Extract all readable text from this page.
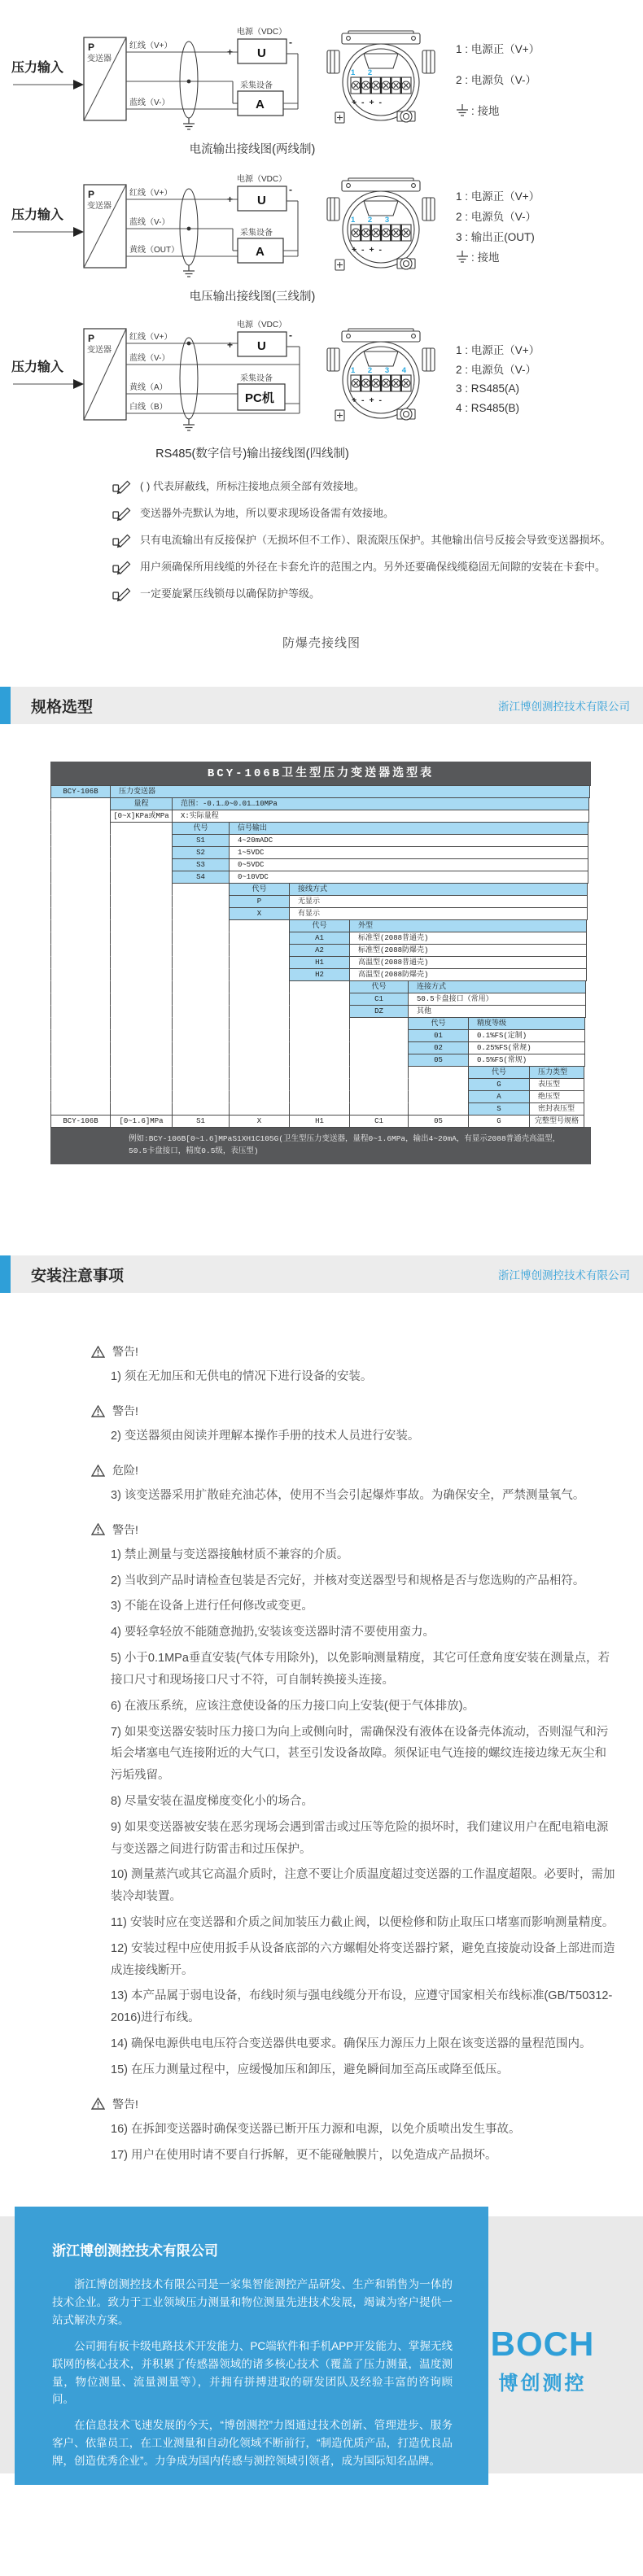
压力输入
P
变送器
红线（V+）
蓝线（V-）
电源（VDC）
+
-
U
采集设备
A
1 2
+ - + -
1 : 电源正（V+）
2 : 电源负（V-）
: 接地
电流输出接线图(两线制)
压力输入
P
变送器
红线（V+）
蓝线（V-）
黄线（OUT）
电源（VDC）
+
-
U
采集设备
A
1 2 3
+ - + -
1 : 电源正（V+）
2 : 电源负（V-）
3 : 输出正(OUT)
: 接地
电压输出接线图(三线制)
压力输入
P
变送器
红线（V+）
蓝线（V-）
黄线（A）
白线（B）
电源（VDC）
+
-
U
采集设备
PC机
1 2 3 4
+ - + -
1 : 电源正（V+）
2 : 电源负（V-）
3 : RS485(A)
4 : RS485(B)
RS485(数字信号)输出接线图(四线制)
( ) 代表屏蔽线，所标注接地点须全部有效接地。
变送器外壳默认为地，所以要求现场设备需有效接地。
只有电流输出有反接保护（无损坏但不工作）、限流限压保护。其他输出信号反接会导致变送器损坏。
用户须确保所用线缆的外径在卡套允许的范围之内。另外还要确保线缆稳固无间隙的安装在卡套中。
一定要旋紧压线锁母以确保防护等级。
防爆壳接线图
规格选型	浙江博创测控技术有限公司
BCY-106B卫生型压力变送器选型表
BCY-106B	压力变送器
量程	范围：-0.1…0~0.01…10MPa
[0~X]KPa或MPa	X:实际量程
代号	信号输出
S1	4~20mADC
S2	1~5VDC
S3	0~5VDC
S4	0~10VDC
代号	接线方式
P	无显示
X	有显示
代号	外型
A1	标准型(2088普通壳)
A2	标准型(2088防爆壳)
H1	高温型(2088普通壳)
H2	高温型(2088防爆壳)
代号	连接方式
C1	50.5卡盘接口（常用）
DZ	其他
代号	精度等级
01	0.1%FS(定制)
02	0.25%FS(常规)
05	0.5%FS(常规)
代号	压力类型
G	表压型
A	绝压型
S	密封表压型
BCY-106B	[0~1.6]MPa	S1	X	H1	C1	05	G	完整型号规格
例如:BCY-106B[0~1.6]MPaS1XH1C105G(卫生型压力变送器，量程0~1.6MPa，输出4~20mA，有显示2088普通壳高温型，50.5卡盘接口，精度0.5级，表压型)
安装注意事项	浙江博创测控技术有限公司
警告!
1) 须在无加压和无供电的情况下进行设备的安装。
警告!
2) 变送器须由阅读并理解本操作手册的技术人员进行安装。
危险!
3) 该变送器采用扩散硅充油芯体，使用不当会引起爆炸事故。为确保安全，严禁测量氧气。
警告!
1) 禁止测量与变送器接触材质不兼容的介质。
2) 当收到产品时请检查包装是否完好，并核对变送器型号和规格是否与您选购的产品相符。
3) 不能在设备上进行任何修改或变更。
4) 要轻拿轻放不能随意抛扔,安装该变送器时清不要使用蛮力。
5) 小于0.1MPa垂直安装(气体专用除外)，以免影响测量精度，其它可任意角度安装在测量点，若接口尺寸和现场接口尺寸不符，可自制转换接头连接。
6) 在液压系统，应该注意使设备的压力接口向上安装(便于气体排放)。
7) 如果变送器安装时压力接口为向上或侧向时，需确保没有液体在设备壳体流动，否则湿气和污垢会堵塞电气连接附近的大气口，甚至引发设备故障。须保证电气连接的螺纹连接边缘无灰尘和污垢残留。
8) 尽量安装在温度梯度变化小的场合。
9) 如果变送器被安装在恶劣现场会遇到雷击或过压等危险的损坏时，我们建议用户在配电箱电源与变送器之间进行防雷击和过压保护。
10) 测量蒸汽或其它高温介质时，注意不要让介质温度超过变送器的工作温度超限。必要时，需加装冷却装置。
11) 安装时应在变送器和介质之间加装压力截止阀，以便检修和防止取压口堵塞而影响测量精度。
12) 安装过程中应使用扳手从设备底部的六方螺帽处将变送器拧紧，避免直接旋动设备上部进而造成连接线断开。
13) 本产品属于弱电设备，布线时须与强电线缆分开布设，应遵守国家相关布线标准(GB/T50312-2016)进行布线。
14) 确保电源供电电压符合变送器供电要求。确保压力源压力上限在该变送器的量程范围内。
15) 在压力测量过程中，应缓慢加压和卸压，避免瞬间加至高压或降至低压。
警告!
16) 在拆卸变送器时确保变送器已断开压力源和电源，以免介质喷出发生事故。
17) 用户在使用时请不要自行拆解，更不能碰触膜片，以免造成产品损坏。
浙江博创测控技术有限公司

浙江博创测控技术有限公司是一家集智能测控产品研发、生产和销售为一体的技术企业。致力于工业领域压力测量和物位测量先进技术发展，竭诚为客户提供一站式解决方案。

公司拥有板卡级电路技术开发能力、PC端软件和手机APP开发能力、掌握无线联网的核心技术，并积累了传感器领域的诸多核心技术（覆盖了压力测量，温度测量，物位测量、流量测量等），并拥有拼搏进取的研发团队及经验丰富的咨询顾问。

在信息技术飞速发展的今天，“博创测控”力图通过技术创新、管理进步、服务客户、依靠员工，在工业测量和自动化领域不断前行，“制造优质产品，打造优良品牌，创造优秀企业”。力争成为国内传感与测控领域引领者，成为国际知名品牌。

BOCH
博创测控
